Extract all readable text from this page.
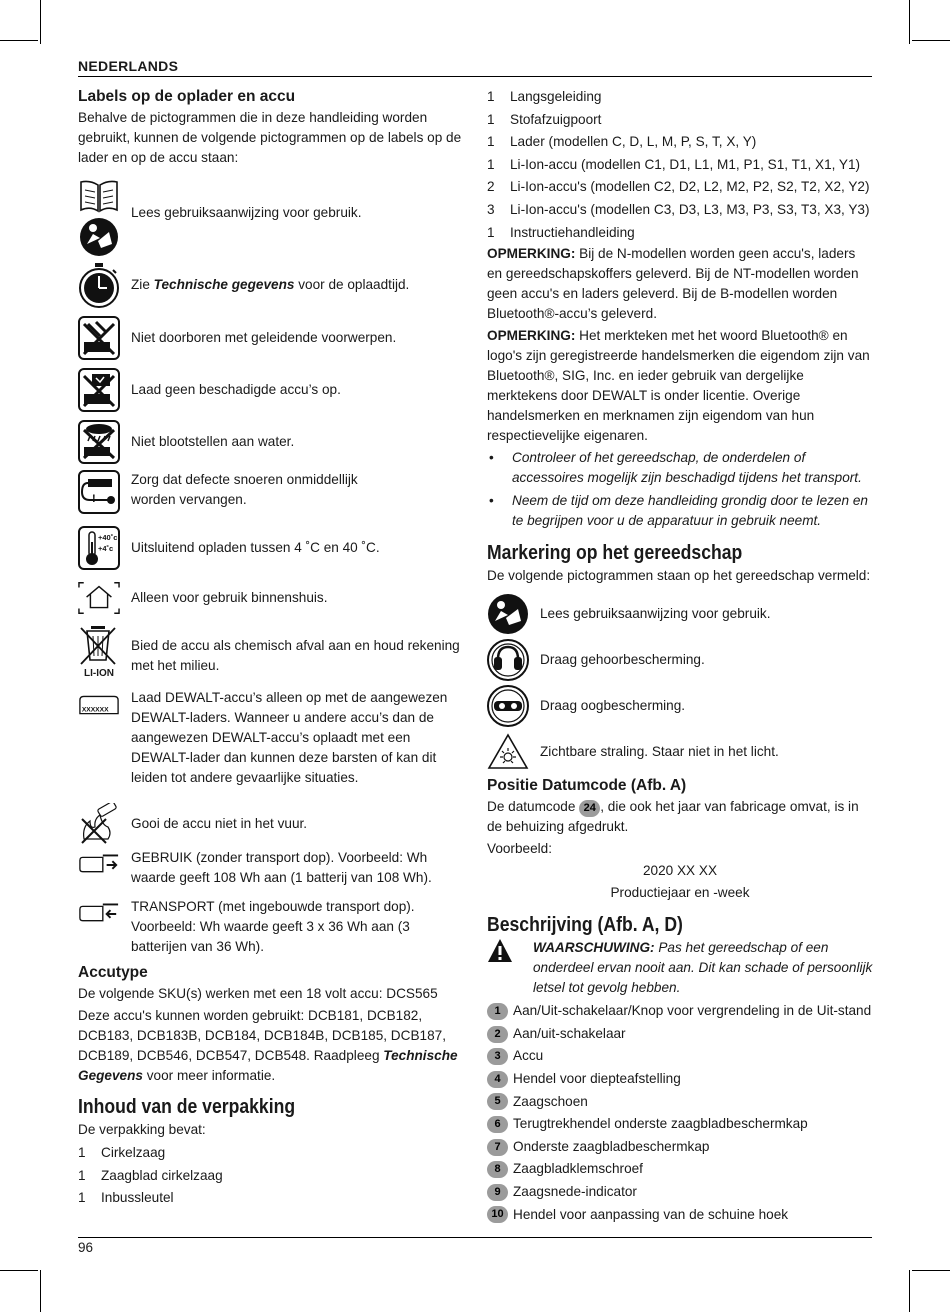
NEDERLANDS
Labels op de oplader en accu

Behalve de pictogrammen die in deze handleiding worden gebruikt, kunnen de volgende pictogrammen op de labels op de lader en op de accu staan:

Lees gebruiksaanwijzing voor gebruik.
Zie Technische gegevens voor de oplaadtijd.
Niet doorboren met geleidende voorwerpen.
Laad geen beschadigde accu’s op.
Niet blootstellen aan water.
!
Zorg dat defecte snoeren onmiddellijk worden vervangen.
+40˚c
+4˚c Uitsluitend opladen tussen 4 ˚C en 40 ˚C.
Alleen voor gebruik binnenshuis.
LI-ION
Bied de accu als chemisch afval aan en houd rekening met het milieu.
XXXXXX
Laad DEWALT-accu’s alleen op met de aangewezen DEWALT-laders. Wanneer u andere accu’s dan de aangewezen DEWALT-accu’s oplaadt met een DEWALT-lader dan kunnen deze barsten of kan dit leiden tot andere gevaarlijke situaties.
Gooi de accu niet in het vuur.
GEBRUIK (zonder transport dop). Voorbeeld: Wh waarde geeft 108 Wh aan (1 batterij van 108 Wh).
TRANSPORT (met ingebouwde transport dop). Voorbeeld: Wh waarde geeft 3 x 36 Wh aan (3 batterijen van 36 Wh).
Accutype

De volgende SKU(s) werken met een 18 volt accu: DCS565

Deze accu's kunnen worden gebruikt: DCB181, DCB182, DCB183, DCB183B, DCB184, DCB184B, DCB185, DCB187, DCB189, DCB546, DCB547, DCB548. Raadpleeg Technische Gegevens voor meer informatie.

Inhoud van de verpakking

De verpakking bevat:

1	Cirkelzaag
1	Zaagblad cirkelzaag
1	Inbussleutel
1	Langsgeleiding
1	Stofafzuigpoort
1	Lader (modellen C, D, L, M, P, S, T, X, Y)
1	Li-Ion-accu (modellen C1, D1, L1, M1, P1, S1, T1, X1, Y1)
2	Li-Ion-accu's (modellen C2, D2, L2, M2, P2, S2, T2, X2, Y2)
3	Li-Ion-accu's (modellen C3, D3, L3, M3, P3, S3, T3, X3, Y3)
1	Instructiehandleiding

OPMERKING: Bij de N-modellen worden geen accu's, laders en gereedschapskoffers geleverd. Bij de NT-modellen worden geen accu's en laders geleverd. Bij de B-modellen worden Bluetooth®-accu’s geleverd.

OPMERKING: Het merkteken met het woord Bluetooth® en logo's zijn geregistreerde handelsmerken die eigendom zijn van Bluetooth®, SIG, Inc. en ieder gebruik van dergelijke merktekens door DEWALT is onder licentie. Overige handelsmerken en merknamen zijn eigendom van hun respectievelijke eigenaren.

•	Controleer of het gereedschap, de onderdelen of accessoires mogelijk zijn beschadigd tijdens het transport.
•	Neem de tijd om deze handleiding grondig door te lezen en te begrijpen voor u de apparatuur in gebruik neemt.
Markering op het gereedschap

De volgende pictogrammen staan op het gereedschap vermeld:

Lees gebruiksaanwijzing voor gebruik.
Draag gehoorbescherming.
Draag oogbescherming.
Zichtbare straling. Staar niet in het licht.
Positie Datumcode (Afb. A)

De datumcode 24 , die ook het jaar van fabricage omvat, is in de behuizing afgedrukt.

Voorbeeld:

2020 XX XX

Productiejaar en -week

Beschrijving (Afb. A, D)

WAARSCHUWING: Pas het gereedschap of een onderdeel ervan nooit aan. Dit kan schade of persoonlijk letsel tot gevolg hebben.

1 Aan/Uit-schakelaar/Knop voor vergrendeling in de Uit-stand
2 Aan/uit-schakelaar
3 Accu
4 Hendel voor diepteafstelling
5 Zaagschoen
6 Terugtrekhendel onderste zaagbladbeschermkap
7 Onderste zaagbladbeschermkap
8 Zaagbladklemschroef
9 Zaagsnede-indicator
10 Hendel voor aanpassing van de schuine hoek
96
